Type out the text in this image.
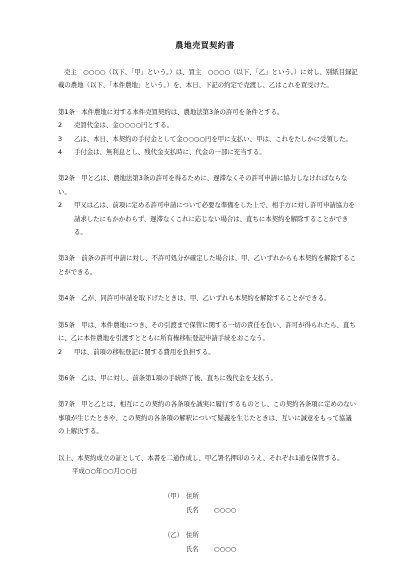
農地売買契約書

売主　○○○○（以下、「甲」という。）は、買主　○○○○（以下、「乙」という。）に対し、別紙目録記載の農地（以下、「本件農地」という。）を、本日、下記の約定で売渡し、乙はこれを買受けた。

第1条　本件農地に対する本件売買契約は、農地法第3条の許可を条件とする。

2	売買代金は、金○○○○円とする。
3	乙は、本日、本契約の手付金として金○○○○円を甲に支払い、甲は、これをたしかに受領した。
4	手付金は、無利息とし、残代金支払時に、代金の一部に充当する。

第2条　甲と乙は、農地法第3条の許可を得るために、遅滞なくその許可申請に協力しなければならない。

2	甲又は乙は、前項に定める許可申請について必要な準備をした上で、相手方に対し許可申請協力を請求したにもかかわらず、遅滞なくこれに応じない場合は、直ちに本契約を解除することができる。

第3条　前条の許可申請に対し、不許可処分が確定した場合は、甲、乙いずれからも本契約を解除することができる。

第4条　乙が、同許可申請を取下げたときは、甲、乙いずれも本契約を解除することができる。

第5条　甲は、本件農地につき、その引渡まで保管に関する一切の責任を負い、許可が得られたら、直ちに、乙に本件農地を引渡すとともに所有権移転登記申請手続をおこなう。

2	甲は、前項の移転登記に関する費用を負担する。

第6条　乙は、甲に対し、前条第1項の手続終了後、直ちに残代金を支払う。

第7条　甲と乙とは、相互にこの契約の各条項を誠実に履行するものとし、この契約各条項に定めのない事項が生じたときや、この契約の各条項の解釈について疑義を生じたときは、互いに誠意をもって協議の上解決する。

以上、本契約成立の証として、本書を二通作成し、甲乙署名押印のうえ、それぞれ1通を保管する。

平成○○年○○月○○日

（甲） 住所
氏名	○○○○
（乙） 住所
氏名	○○○○
